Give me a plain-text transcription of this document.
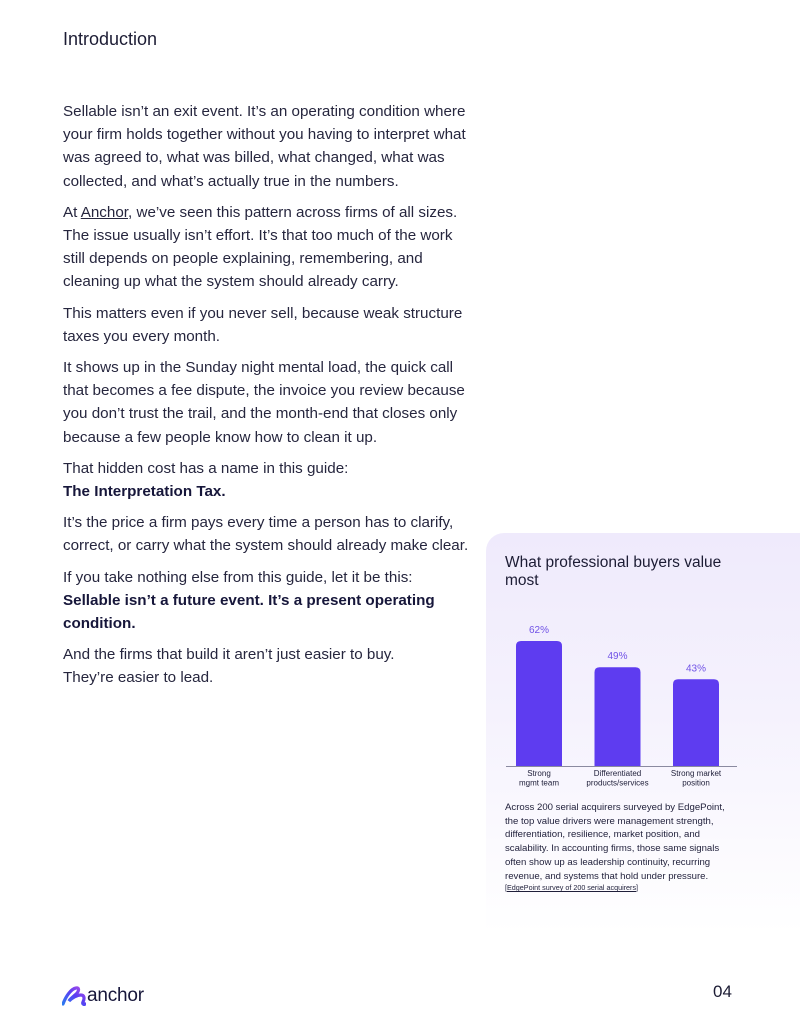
Introduction

Sellable isn’t an exit event. It’s an operating condition where your firm holds together without you having to interpret what was agreed to, what was billed, what changed, what was collected, and what’s actually true in the numbers.

At Anchor, we’ve seen this pattern across firms of all sizes. The issue usually isn’t effort. It’s that too much of the work still depends on people explaining, remembering, and cleaning up what the system should already carry.

This matters even if you never sell, because weak structure taxes you every month.

It shows up in the Sunday night mental load, the quick call that becomes a fee dispute, the invoice you review because you don’t trust the trail, and the month-end that closes only because a few people know how to clean it up.

That hidden cost has a name in this guide:
The Interpretation Tax.

It’s the price a firm pays every time a person has to clarify, correct, or carry what the system should already make clear.

If you take nothing else from this guide, let it be this:
Sellable isn’t a future event. It’s a present operating condition.

And the firms that build it aren’t just easier to buy.
They’re easier to lead.

What professional buyers value most
62%
Strong
mgmt team
49%
Differentiated
products/services
43%
Strong market
position
Across 200 serial acquirers surveyed by EdgePoint, the top value drivers were management strength, differentiation, resilience, market position, and scalability. In accounting firms, those same signals often show up as leadership continuity, recurring revenue, and systems that hold under pressure.
[EdgePoint survey of 200 serial acquirers]
anchor	04
